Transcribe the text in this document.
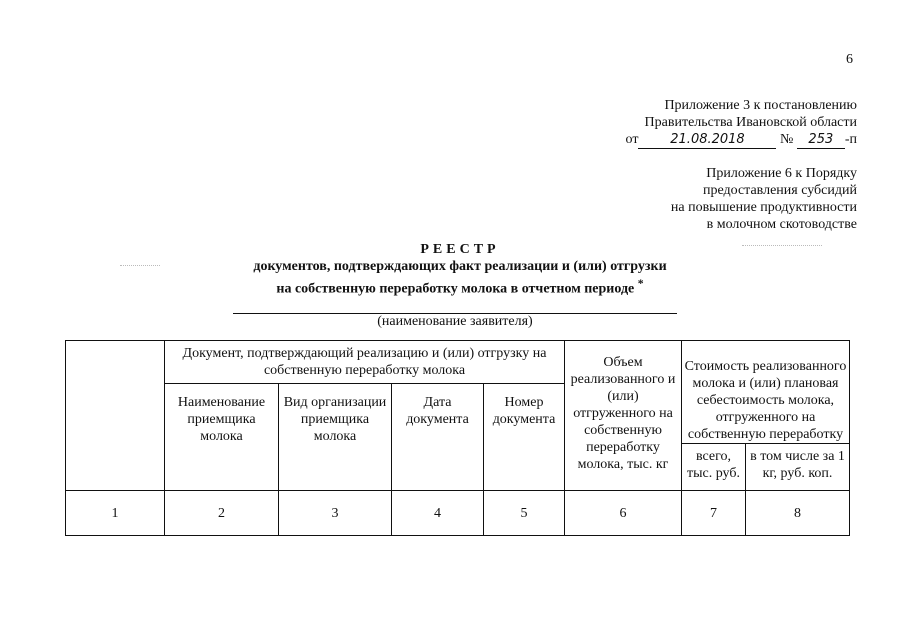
6
Приложение 3 к постановлению
Правительства Ивановской области
от 21.08.2018	№ 253 -п
Приложение 6 к Порядку
предоставления субсидий
на повышение продуктивности
в молочном скотоводстве
РЕЕСТР
документов, подтверждающих факт реализации и (или) отгрузки
на собственную переработку молока в отчетном периоде *
(наименование заявителя)
	Документ, подтверждающий реализацию и (или) отгрузку на собственную переработку молока				Объем реализованного и (или) отгруженного на собственную переработку молока, тыс. кг	Стоимость реализованного молока и (или) плановая себестоимость молока, отгруженного на собственную переработку	
	Наименование приемщика молока	Вид организации приемщика молока	Дата документа	Номер документа			
						всего, тыс. руб.	в том числе за 1 кг, руб. коп.
1	2	3	4	5	6	7	8
